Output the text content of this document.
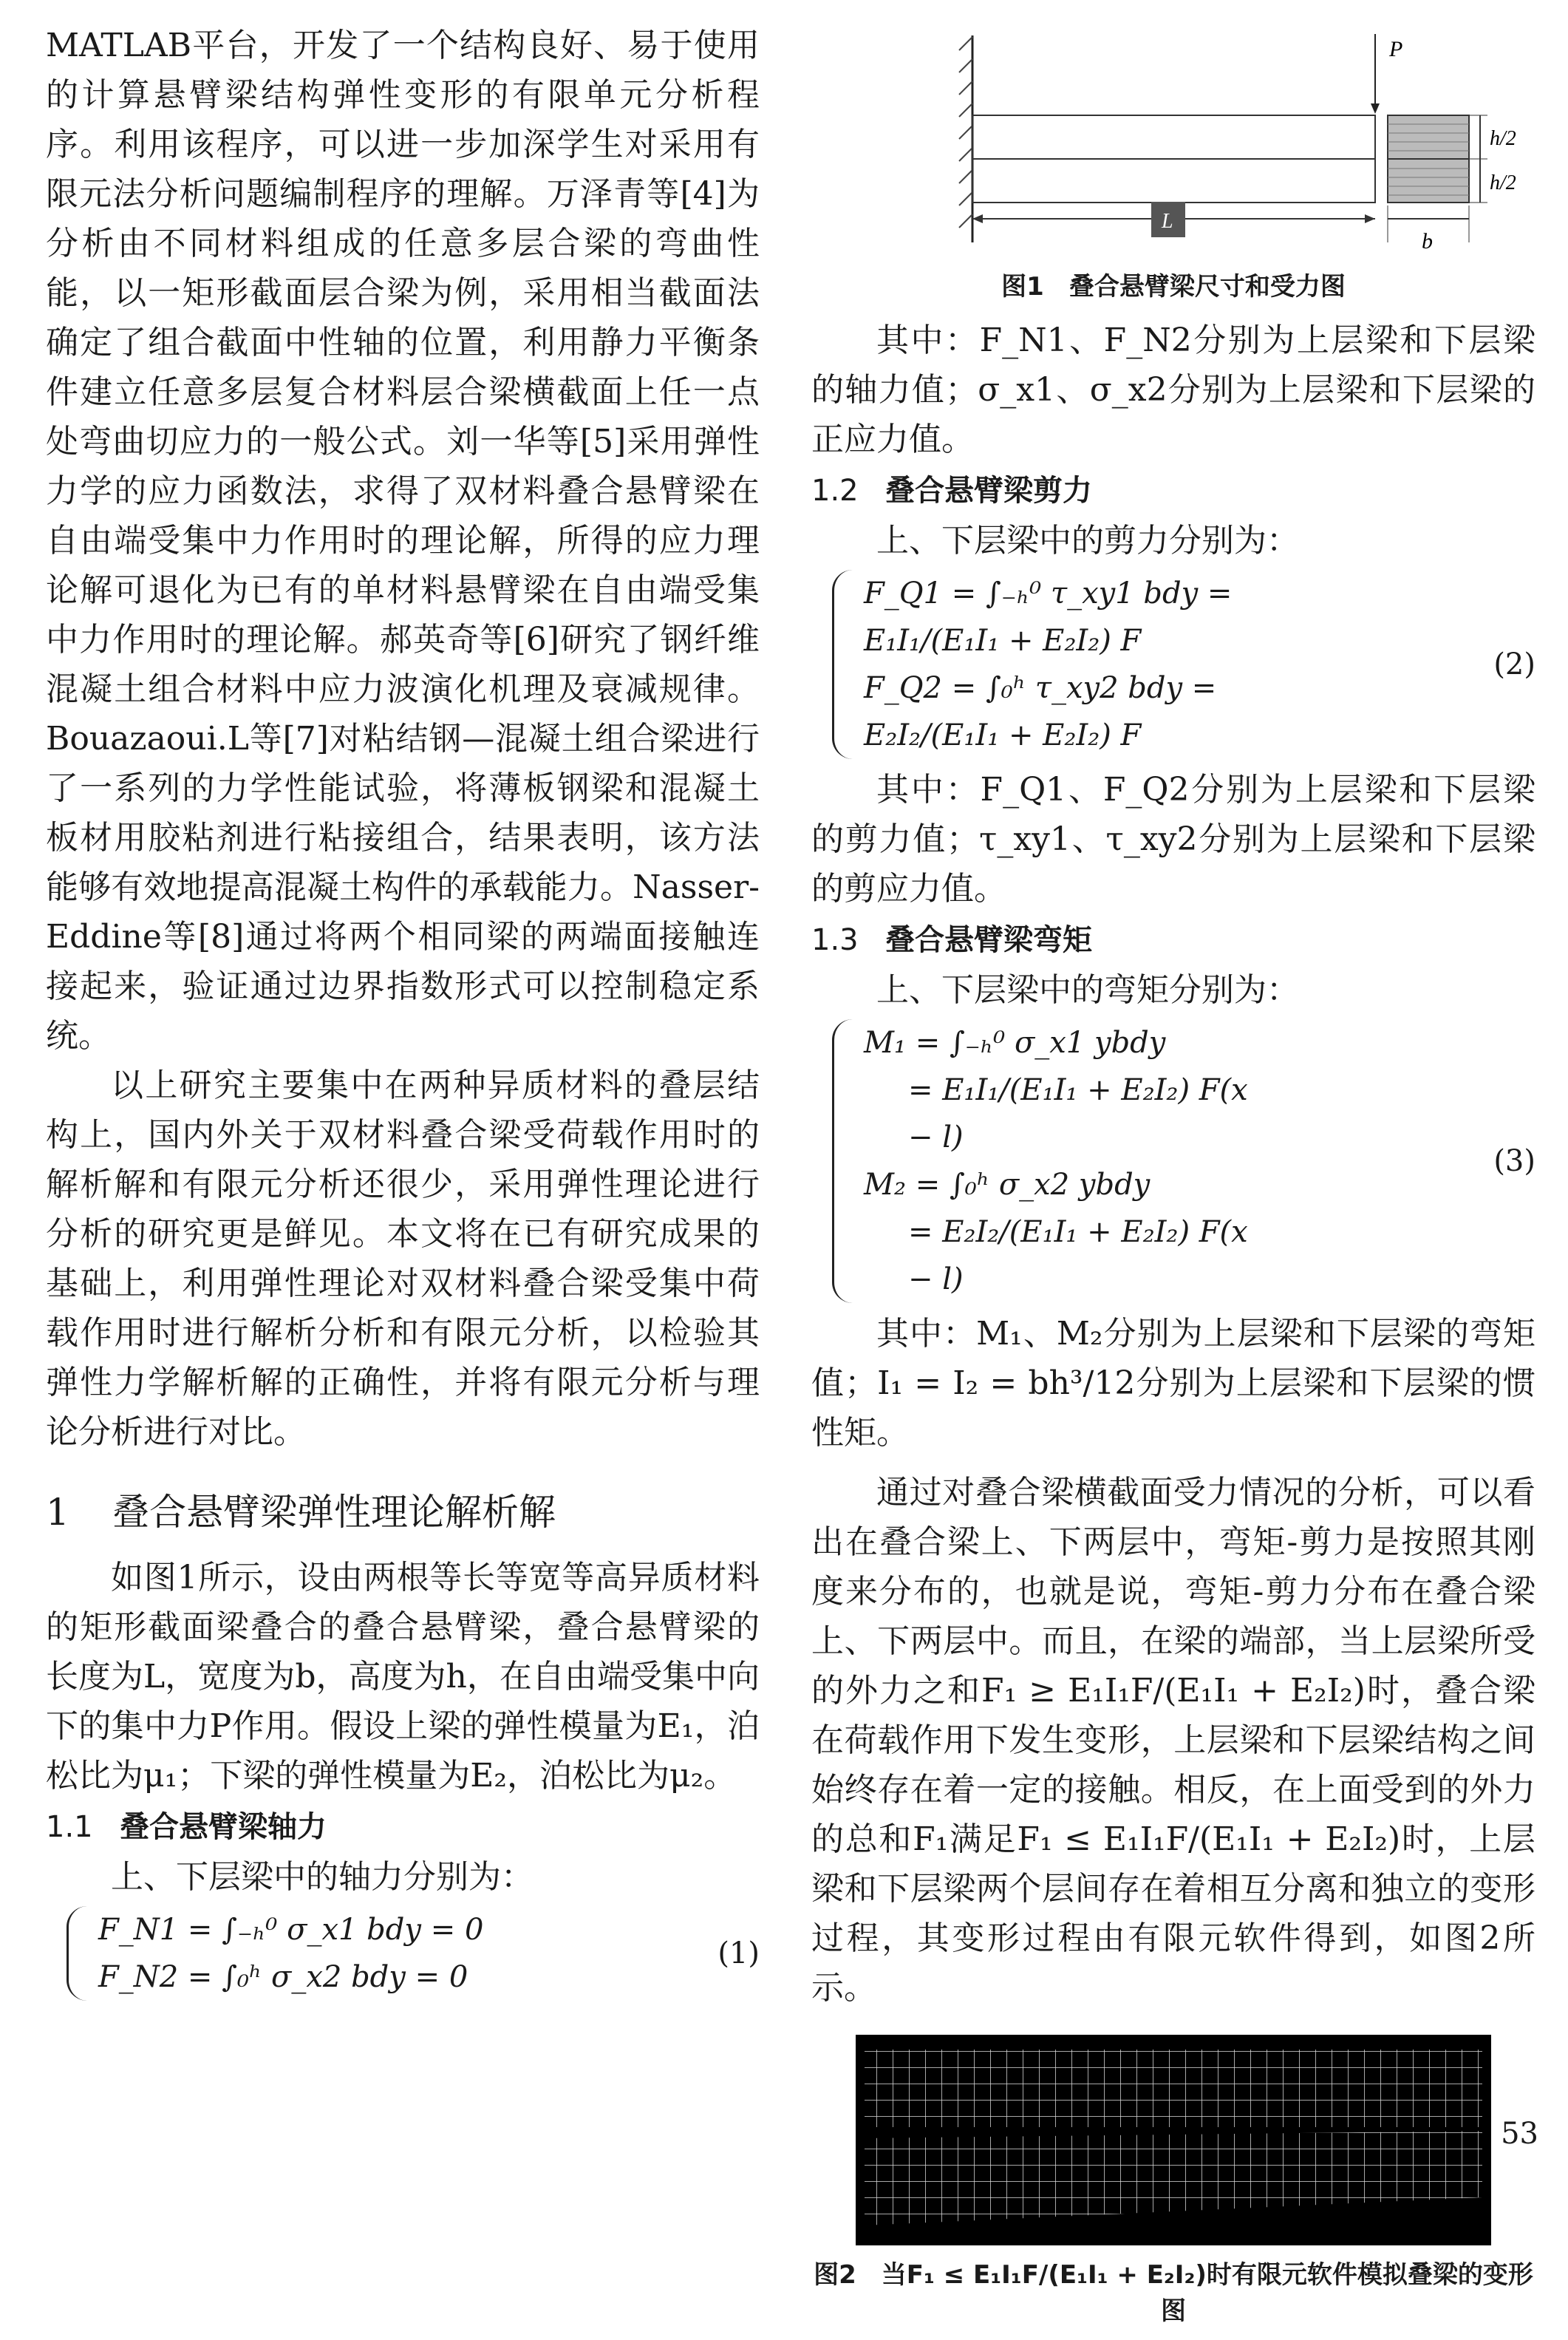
MATLAB平台，开发了一个结构良好、易于使用的计算悬臂梁结构弹性变形的有限单元分析程序。利用该程序，可以进一步加深学生对采用有限元法分析问题编制程序的理解。万泽青等[4]为分析由不同材料组成的任意多层合梁的弯曲性能，以一矩形截面层合梁为例，采用相当截面法确定了组合截面中性轴的位置，利用静力平衡条件建立任意多层复合材料层合梁横截面上任一点处弯曲切应力的一般公式。刘一华等[5]采用弹性力学的应力函数法，求得了双材料叠合悬臂梁在自由端受集中力作用时的理论解，所得的应力理论解可退化为已有的单材料悬臂梁在自由端受集中力作用时的理论解。郝英奇等[6]研究了钢纤维混凝土组合材料中应力波演化机理及衰减规律。Bouazaoui.L等[7]对粘结钢—混凝土组合梁进行了一系列的力学性能试验，将薄板钢梁和混凝土板材用胶粘剂进行粘接组合，结果表明，该方法能够有效地提高混凝土构件的承载能力。Nasser-Eddine等[8]通过将两个相同梁的两端面接触连接起来，验证通过边界指数形式可以控制稳定系统。

以上研究主要集中在两种异质材料的叠层结构上，国内外关于双材料叠合梁受荷载作用时的解析解和有限元分析还很少，采用弹性理论进行分析的研究更是鲜见。本文将在已有研究成果的基础上，利用弹性理论对双材料叠合梁受集中荷载作用时进行解析分析和有限元分析，以检验其弹性力学解析解的正确性，并将有限元分析与理论分析进行对比。

1 叠合悬臂梁弹性理论解析解

如图1所示，设由两根等长等宽等高异质材料的矩形截面梁叠合的叠合悬臂梁，叠合悬臂梁的长度为L，宽度为b，高度为h，在自由端受集中向下的集中力P作用。假设上梁的弹性模量为E₁，泊松比为μ₁；下梁的弹性模量为E₂，泊松比为μ₂。

1.1 叠合悬臂梁轴力

上、下层梁中的轴力分别为：

F_N1 = ∫₋ₕ⁰ σ_x1 bdy = 0
F_N2 = ∫₀ʰ σ_x2 bdy = 0
(1)
P
h/2
h/2
L
b
图1　叠合悬臂梁尺寸和受力图

其中：F_N1、F_N2分别为上层梁和下层梁的轴力值；σ_x1、σ_x2分别为上层梁和下层梁的正应力值。

1.2 叠合悬臂梁剪力

上、下层梁中的剪力分别为：

F_Q1 = ∫₋ₕ⁰ τ_xy1 bdy = E₁I₁/(E₁I₁ + E₂I₂) F
F_Q2 = ∫₀ʰ τ_xy2 bdy = E₂I₂/(E₁I₁ + E₂I₂) F
(2)

其中：F_Q1、F_Q2分别为上层梁和下层梁的剪力值；τ_xy1、τ_xy2分别为上层梁和下层梁的剪应力值。

1.3 叠合悬臂梁弯矩

上、下层梁中的弯矩分别为：

M₁ = ∫₋ₕ⁰ σ_x1 ybdy
= E₁I₁/(E₁I₁ + E₂I₂) F(x − l)
M₂ = ∫₀ʰ σ_x2 ybdy
= E₂I₂/(E₁I₁ + E₂I₂) F(x − l)
(3)

其中：M₁、M₂分别为上层梁和下层梁的弯矩值；I₁ = I₂ = bh³/12分别为上层梁和下层梁的惯性矩。

通过对叠合梁横截面受力情况的分析，可以看出在叠合梁上、下两层中，弯矩-剪力是按照其刚度来分布的，也就是说，弯矩-剪力分布在叠合梁上、下两层中。而且，在梁的端部，当上层梁所受的外力之和F₁ ≥ E₁I₁F/(E₁I₁ + E₂I₂)时，叠合梁在荷载作用下发生变形，上层梁和下层梁结构之间始终存在着一定的接触。相反，在上面受到的外力的总和F₁满足F₁ ≤ E₁I₁F/(E₁I₁ + E₂I₂)时，上层梁和下层梁两个层间存在着相互分离和独立的变形过程，其变形过程由有限元软件得到，如图2所示。

图2　当F₁ ≤ E₁I₁F/(E₁I₁ + E₂I₂)时有限元软件模拟叠梁的变形图
53
